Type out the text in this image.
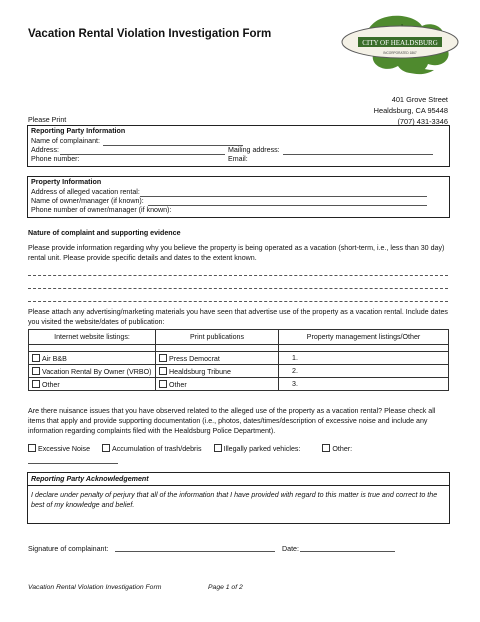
Vacation Rental Violation Investigation Form
CITY OF HEALDSBURG
INCORPORATED 1867
401 Grove Street
Healdsburg, CA 95448
(707) 431-3346
Please Print
Reporting Party Information
Name of complainant:
Address:	Mailing address:
Phone number:	Email:
Property Information
Address of alleged vacation rental:
Name of owner/manager (if known):
Phone number of owner/manager (if known):
Nature of complaint and supporting evidence
Please provide information regarding why you believe the property is being operated as a vacation (short-term, i.e., less than 30 day) rental unit. Please provide specific details and dates to the extent known.
Please attach any advertising/marketing materials you have seen that advertise use of the property as a vacation rental. Include dates you visited the website/dates of publication:
Internet website listings:	Print publications	Property management listings/Other

Air B&B	Press Democrat	1.
Vacation Rental By Owner (VRBO)	Healdsburg Tribune	2.
Other	Other	3.
Are there nuisance issues that you have observed related to the alleged use of the property as a vacation rental? Please check all items that apply and provide supporting documentation (i.e., photos, dates/times/description of excessive noise and include any information regarding complaints filed with the Healdsburg Police Department).
Excessive Noise	Accumulation of trash/debris	Illegally parked vehicles:	Other:
Reporting Party Acknowledgement
I declare under penalty of perjury that all of the information that I have provided with regard to this matter is true and correct to the best of my knowledge and belief.
Signature of complainant:	Date:
Vacation Rental Violation Investigation Form	Page 1 of 2
